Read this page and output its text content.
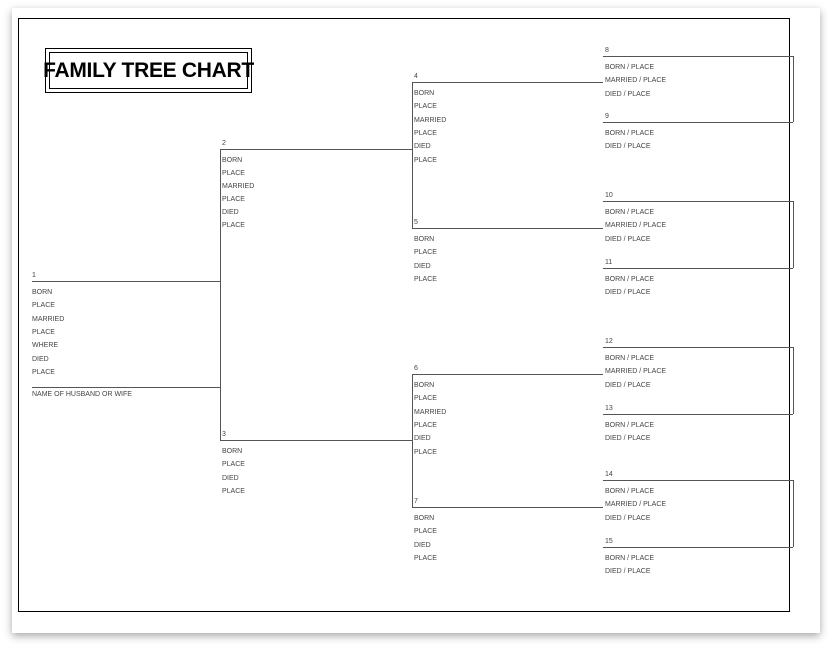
FAMILY TREE CHART
1
BORN
PLACE
MARRIED
PLACE
WHERE
DIED
PLACE
NAME OF HUSBAND OR WIFE
2
BORN
PLACE
MARRIED
PLACE
DIED
PLACE
3
BORN
PLACE
DIED
PLACE
4
BORN
PLACE
MARRIED
PLACE
DIED
PLACE
5
BORN
PLACE
DIED
PLACE
6
BORN
PLACE
MARRIED
PLACE
DIED
PLACE
7
BORN
PLACE
DIED
PLACE
8
BORN / PLACE
MARRIED / PLACE
DIED / PLACE
9
BORN / PLACE
DIED / PLACE
10
BORN / PLACE
MARRIED / PLACE
DIED / PLACE
11
BORN / PLACE
DIED / PLACE
12
BORN / PLACE
MARRIED / PLACE
DIED / PLACE
13
BORN / PLACE
DIED / PLACE
14
BORN / PLACE
MARRIED / PLACE
DIED / PLACE
15
BORN / PLACE
DIED / PLACE
